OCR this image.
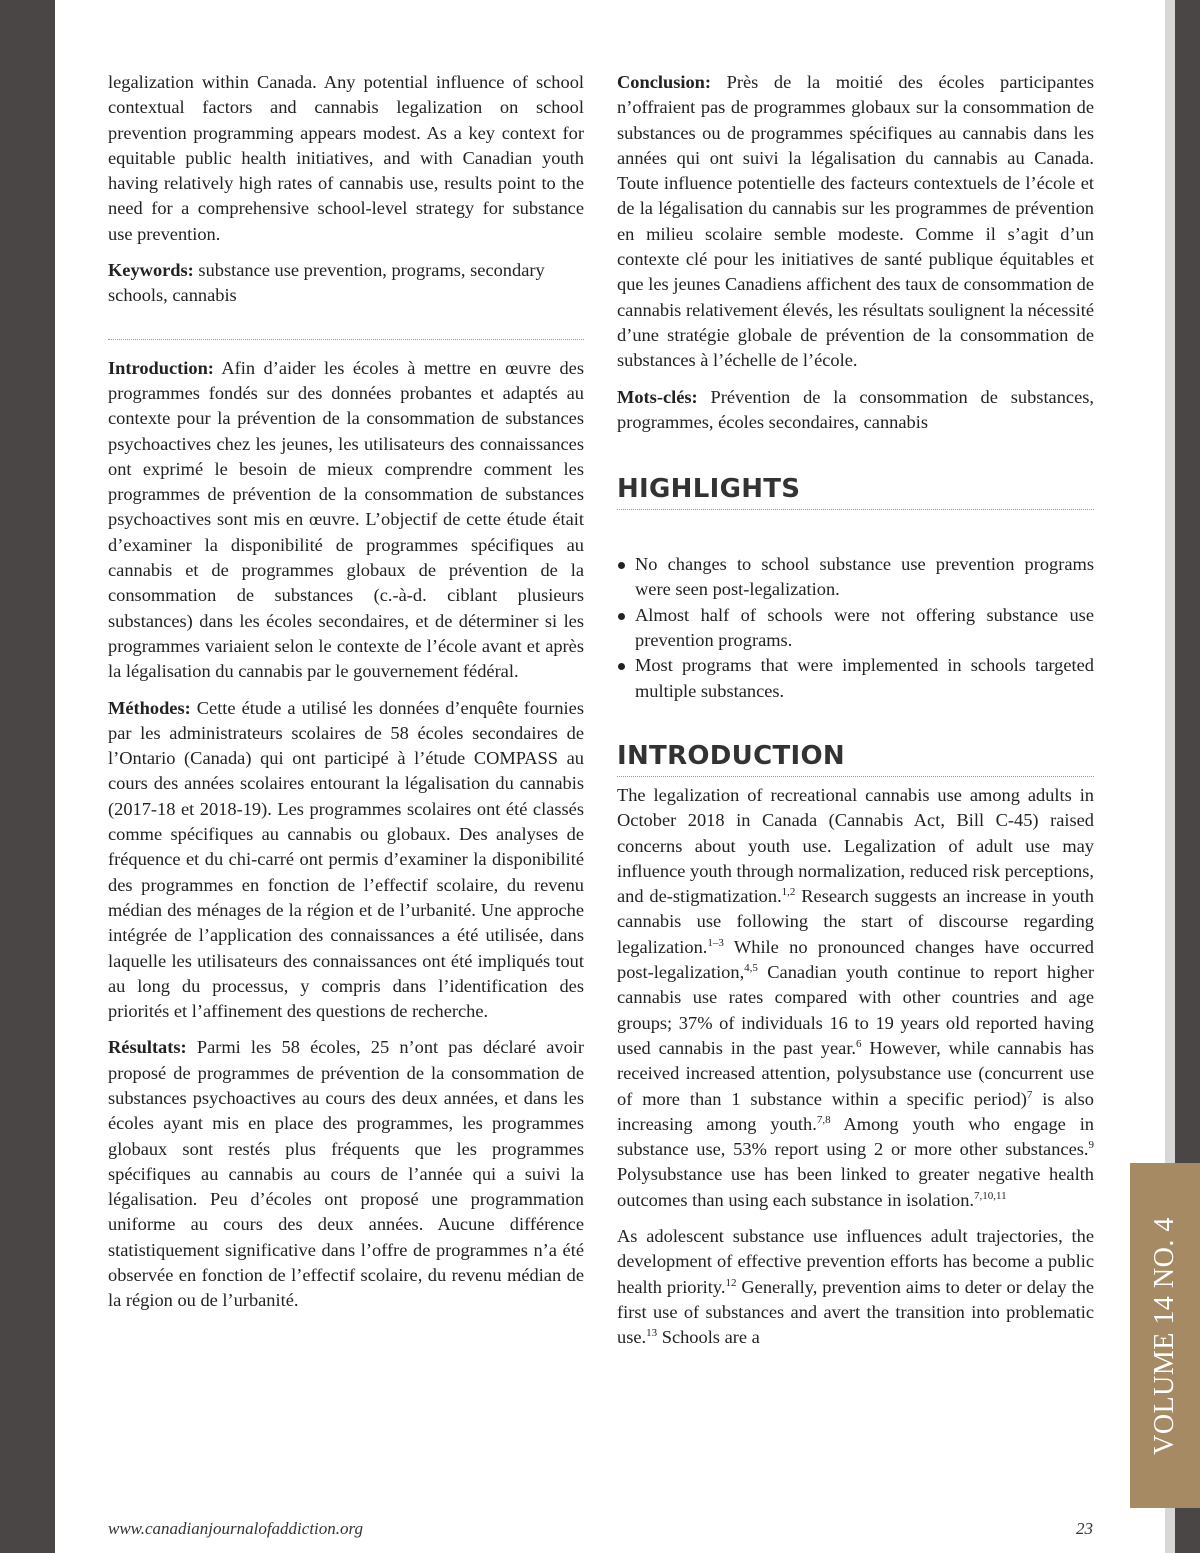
legalization within Canada. Any potential influence of school contextual factors and cannabis legalization on school prevention programming appears modest. As a key context for equitable public health initiatives, and with Canadian youth having relatively high rates of cannabis use, results point to the need for a comprehensive school-level strategy for substance use prevention.

Keywords: substance use prevention, programs, secondary schools, cannabis

Introduction: Afin d’aider les écoles à mettre en œuvre des programmes fondés sur des données probantes et adaptés au contexte pour la prévention de la consommation de substances psychoactives chez les jeunes, les utilisateurs des connaissances ont exprimé le besoin de mieux comprendre comment les programmes de prévention de la consommation de substances psychoactives sont mis en œuvre. L’objectif de cette étude était d’examiner la disponibilité de programmes spécifiques au cannabis et de programmes globaux de prévention de la consommation de substances (c.-à-d. ciblant plusieurs substances) dans les écoles secondaires, et de déterminer si les programmes variaient selon le contexte de l’école avant et après la légalisation du cannabis par le gouvernement fédéral.

Méthodes: Cette étude a utilisé les données d’enquête fournies par les administrateurs scolaires de 58 écoles secondaires de l’Ontario (Canada) qui ont participé à l’étude COMPASS au cours des années scolaires entourant la légalisation du cannabis (2017-18 et 2018-19). Les programmes scolaires ont été classés comme spécifiques au cannabis ou globaux. Des analyses de fréquence et du chi-carré ont permis d’examiner la disponibilité des programmes en fonction de l’effectif scolaire, du revenu médian des ménages de la région et de l’urbanité. Une approche intégrée de l’application des connaissances a été utilisée, dans laquelle les utilisateurs des connaissances ont été impliqués tout au long du processus, y compris dans l’identification des priorités et l’affinement des questions de recherche.

Résultats: Parmi les 58 écoles, 25 n’ont pas déclaré avoir proposé de programmes de prévention de la consommation de substances psychoactives au cours des deux années, et dans les écoles ayant mis en place des programmes, les programmes globaux sont restés plus fréquents que les programmes spécifiques au cannabis au cours de l’année qui a suivi la légalisation. Peu d’écoles ont proposé une programmation uniforme au cours des deux années. Aucune différence statistiquement significative dans l’offre de programmes n’a été observée en fonction de l’effectif scolaire, du revenu médian de la région ou de l’urbanité.

Conclusion: Près de la moitié des écoles participantes n’offraient pas de programmes globaux sur la consommation de substances ou de programmes spécifiques au cannabis dans les années qui ont suivi la légalisation du cannabis au Canada. Toute influence potentielle des facteurs contextuels de l’école et de la légalisation du cannabis sur les programmes de prévention en milieu scolaire semble modeste. Comme il s’agit d’un contexte clé pour les initiatives de santé publique équitables et que les jeunes Canadiens affichent des taux de consommation de cannabis relativement élevés, les résultats soulignent la nécessité d’une stratégie globale de prévention de la consommation de substances à l’échelle de l’école.

Mots-clés: Prévention de la consommation de substances, programmes, écoles secondaires, cannabis

HIGHLIGHTS
No changes to school substance use prevention programs were seen post-legalization.
Almost half of schools were not offering substance use prevention programs.
Most programs that were implemented in schools targeted multiple substances.
INTRODUCTION

The legalization of recreational cannabis use among adults in October 2018 in Canada (Cannabis Act, Bill C-45) raised concerns about youth use. Legalization of adult use may influence youth through normalization, reduced risk perceptions, and de-stigmatization.$^{1,2}$ Research suggests an increase in youth cannabis use following the start of discourse regarding legalization.$^{1-3}$ While no pronounced changes have occurred post-legalization,$^{4,5}$ Canadian youth continue to report higher cannabis use rates compared with other countries and age groups; 37% of individuals 16 to 19 years old reported having used cannabis in the past year.$^6$ However, while cannabis has received increased attention, polysubstance use (concurrent use of more than 1 substance within a specific period)$^7$ is also increasing among youth.$^{7,8}$ Among youth who engage in substance use, 53% report using 2 or more other substances.$^9$ Polysubstance use has been linked to greater negative health outcomes than using each substance in isolation.$^{7,10,11}$

As adolescent substance use influences adult trajectories, the development of effective prevention efforts has become a public health priority.$^{12}$ Generally, prevention aims to deter or delay the first use of substances and avert the transition into problematic use.$^{13}$ Schools are a

www.canadianjournalofaddiction.org	23
VOLUME 14 NO. 4
